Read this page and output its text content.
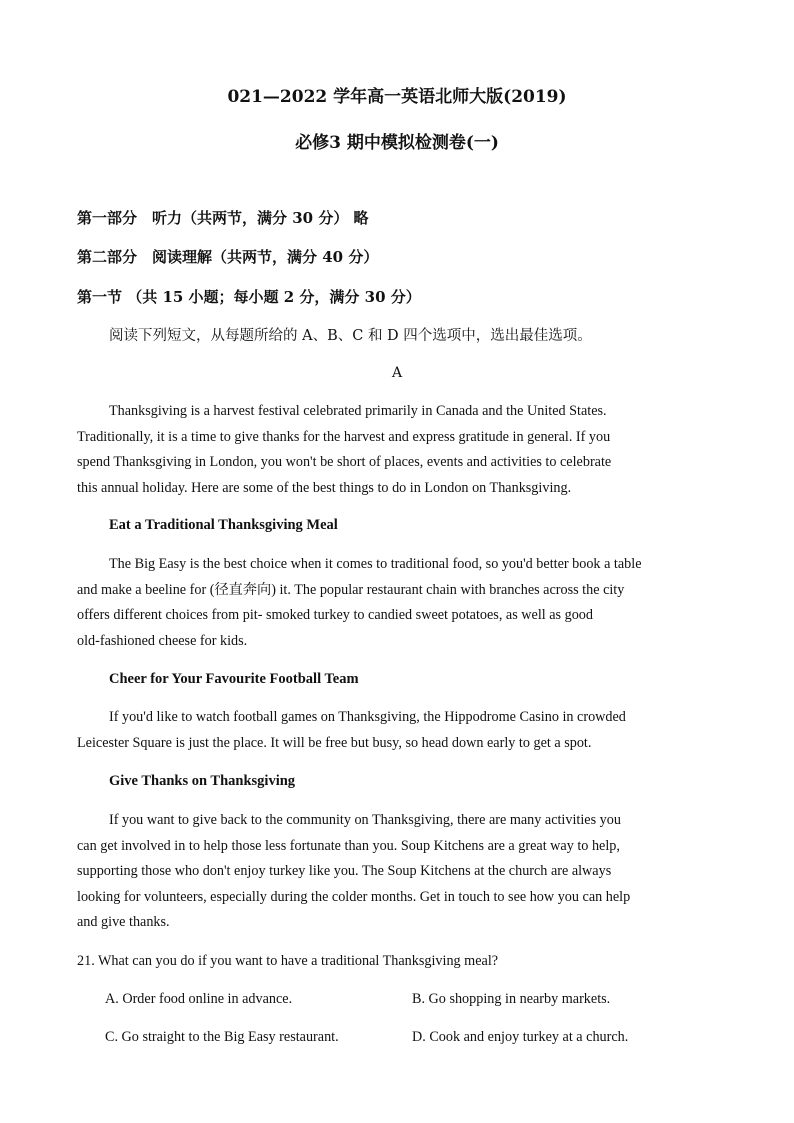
021—2022 学年高一英语北师大版(2019)
必修3 期中模拟检测卷(一)
第一部分　听力（共两节，满分 30 分） 略
第二部分　阅读理解（共两节，满分 40 分）
第一节 （共 15 小题；每小题 2 分，满分 30 分）
阅读下列短文，从每题所给的 A、B、C 和 D 四个选项中，选出最佳选项。
A
Thanksgiving is a harvest festival celebrated primarily in Canada and the United States.
Traditionally, it is a time to give thanks for the harvest and express gratitude in general. If you
spend Thanksgiving in London, you won't be short of places, events and activities to celebrate
this annual holiday. Here are some of the best things to do in London on Thanksgiving.
Eat a Traditional Thanksgiving Meal
The Big Easy is the best choice when it comes to traditional food, so you'd better book a table
and make a beeline for (径直奔向) it. The popular restaurant chain with branches across the city
offers different choices from pit- smoked turkey to candied sweet potatoes, as well as good
old-fashioned cheese for kids.
Cheer for Your Favourite Football Team
If you'd like to watch football games on Thanksgiving, the Hippodrome Casino in crowded
Leicester Square is just the place. It will be free but busy, so head down early to get a spot.
Give Thanks on Thanksgiving
If you want to give back to the community on Thanksgiving, there are many activities you
can get involved in to help those less fortunate than you. Soup Kitchens are a great way to help,
supporting those who don't enjoy turkey like you. The Soup Kitchens at the church are always
looking for volunteers, especially during the colder months. Get in touch to see how you can help
and give thanks.
21. What can you do if you want to have a traditional Thanksgiving meal?
A. Order food online in advance.	B. Go shopping in nearby markets.
C. Go straight to the Big Easy restaurant.	D. Cook and enjoy turkey at a church.
